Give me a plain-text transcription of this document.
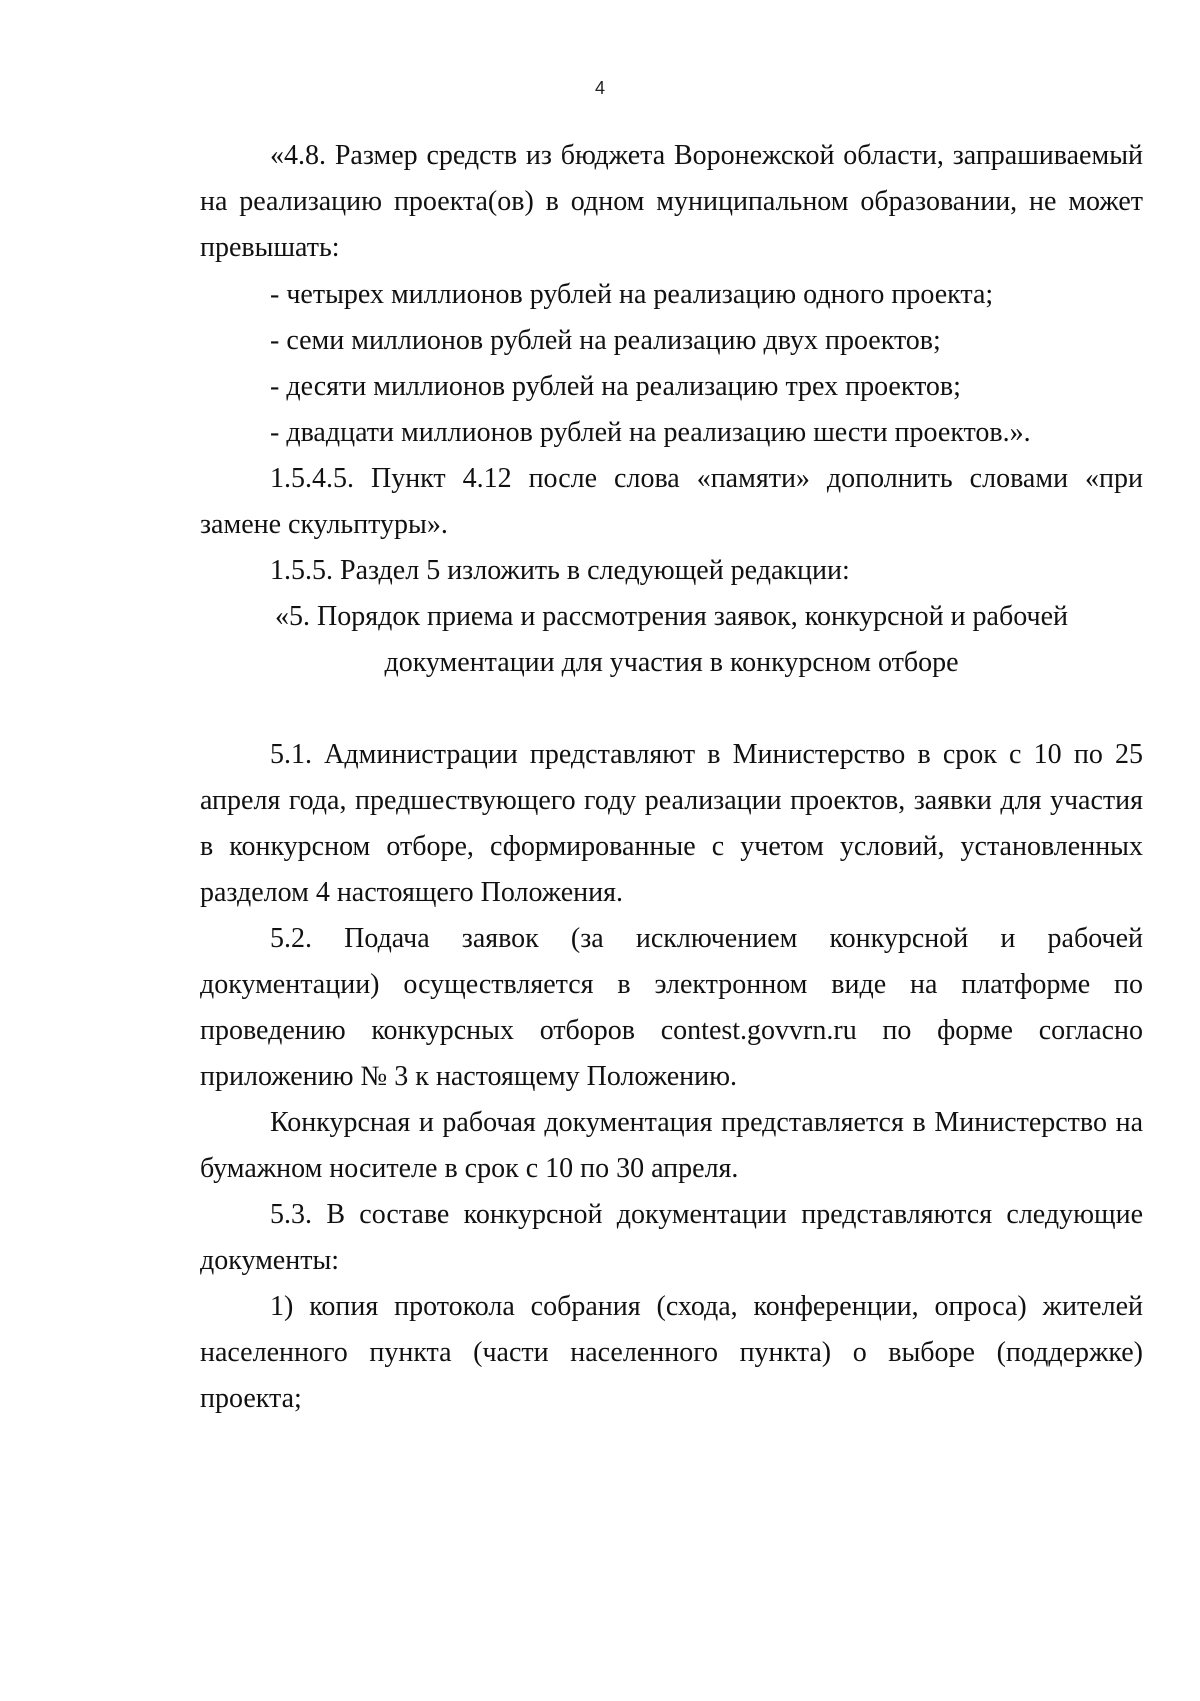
4
«4.8. Размер средств из бюджета Воронежской области, запрашиваемый
на реализацию проекта(ов) в одном муниципальном образовании, не может
превышать:
- четырех миллионов рублей на реализацию одного проекта;
- семи миллионов рублей на реализацию двух проектов;
- десяти миллионов рублей на реализацию трех проектов;
- двадцати миллионов рублей на реализацию шести проектов.».
1.5.4.5. Пункт 4.12 после слова «памяти» дополнить словами «при
замене скульптуры».
1.5.5. Раздел 5 изложить в следующей редакции:
«5. Порядок приема и рассмотрения заявок, конкурсной и рабочей
документации для участия в конкурсном отборе
5.1. Администрации представляют в Министерство в срок с 10 по 25
апреля года, предшествующего году реализации проектов, заявки для участия
в конкурсном отборе, сформированные с учетом условий, установленных
разделом 4 настоящего Положения.
5.2. Подача заявок (за исключением конкурсной и рабочей
документации) осуществляется в электронном виде на платформе по
проведению конкурсных отборов contest.govvrn.ru по форме согласно
приложению № 3 к настоящему Положению.
Конкурсная и рабочая документация представляется в Министерство на
бумажном носителе в срок с 10 по 30 апреля.
5.3. В составе конкурсной документации представляются следующие
документы:
1) копия протокола собрания (схода, конференции, опроса) жителей
населенного пункта (части населенного пункта) о выборе (поддержке)
проекта;
